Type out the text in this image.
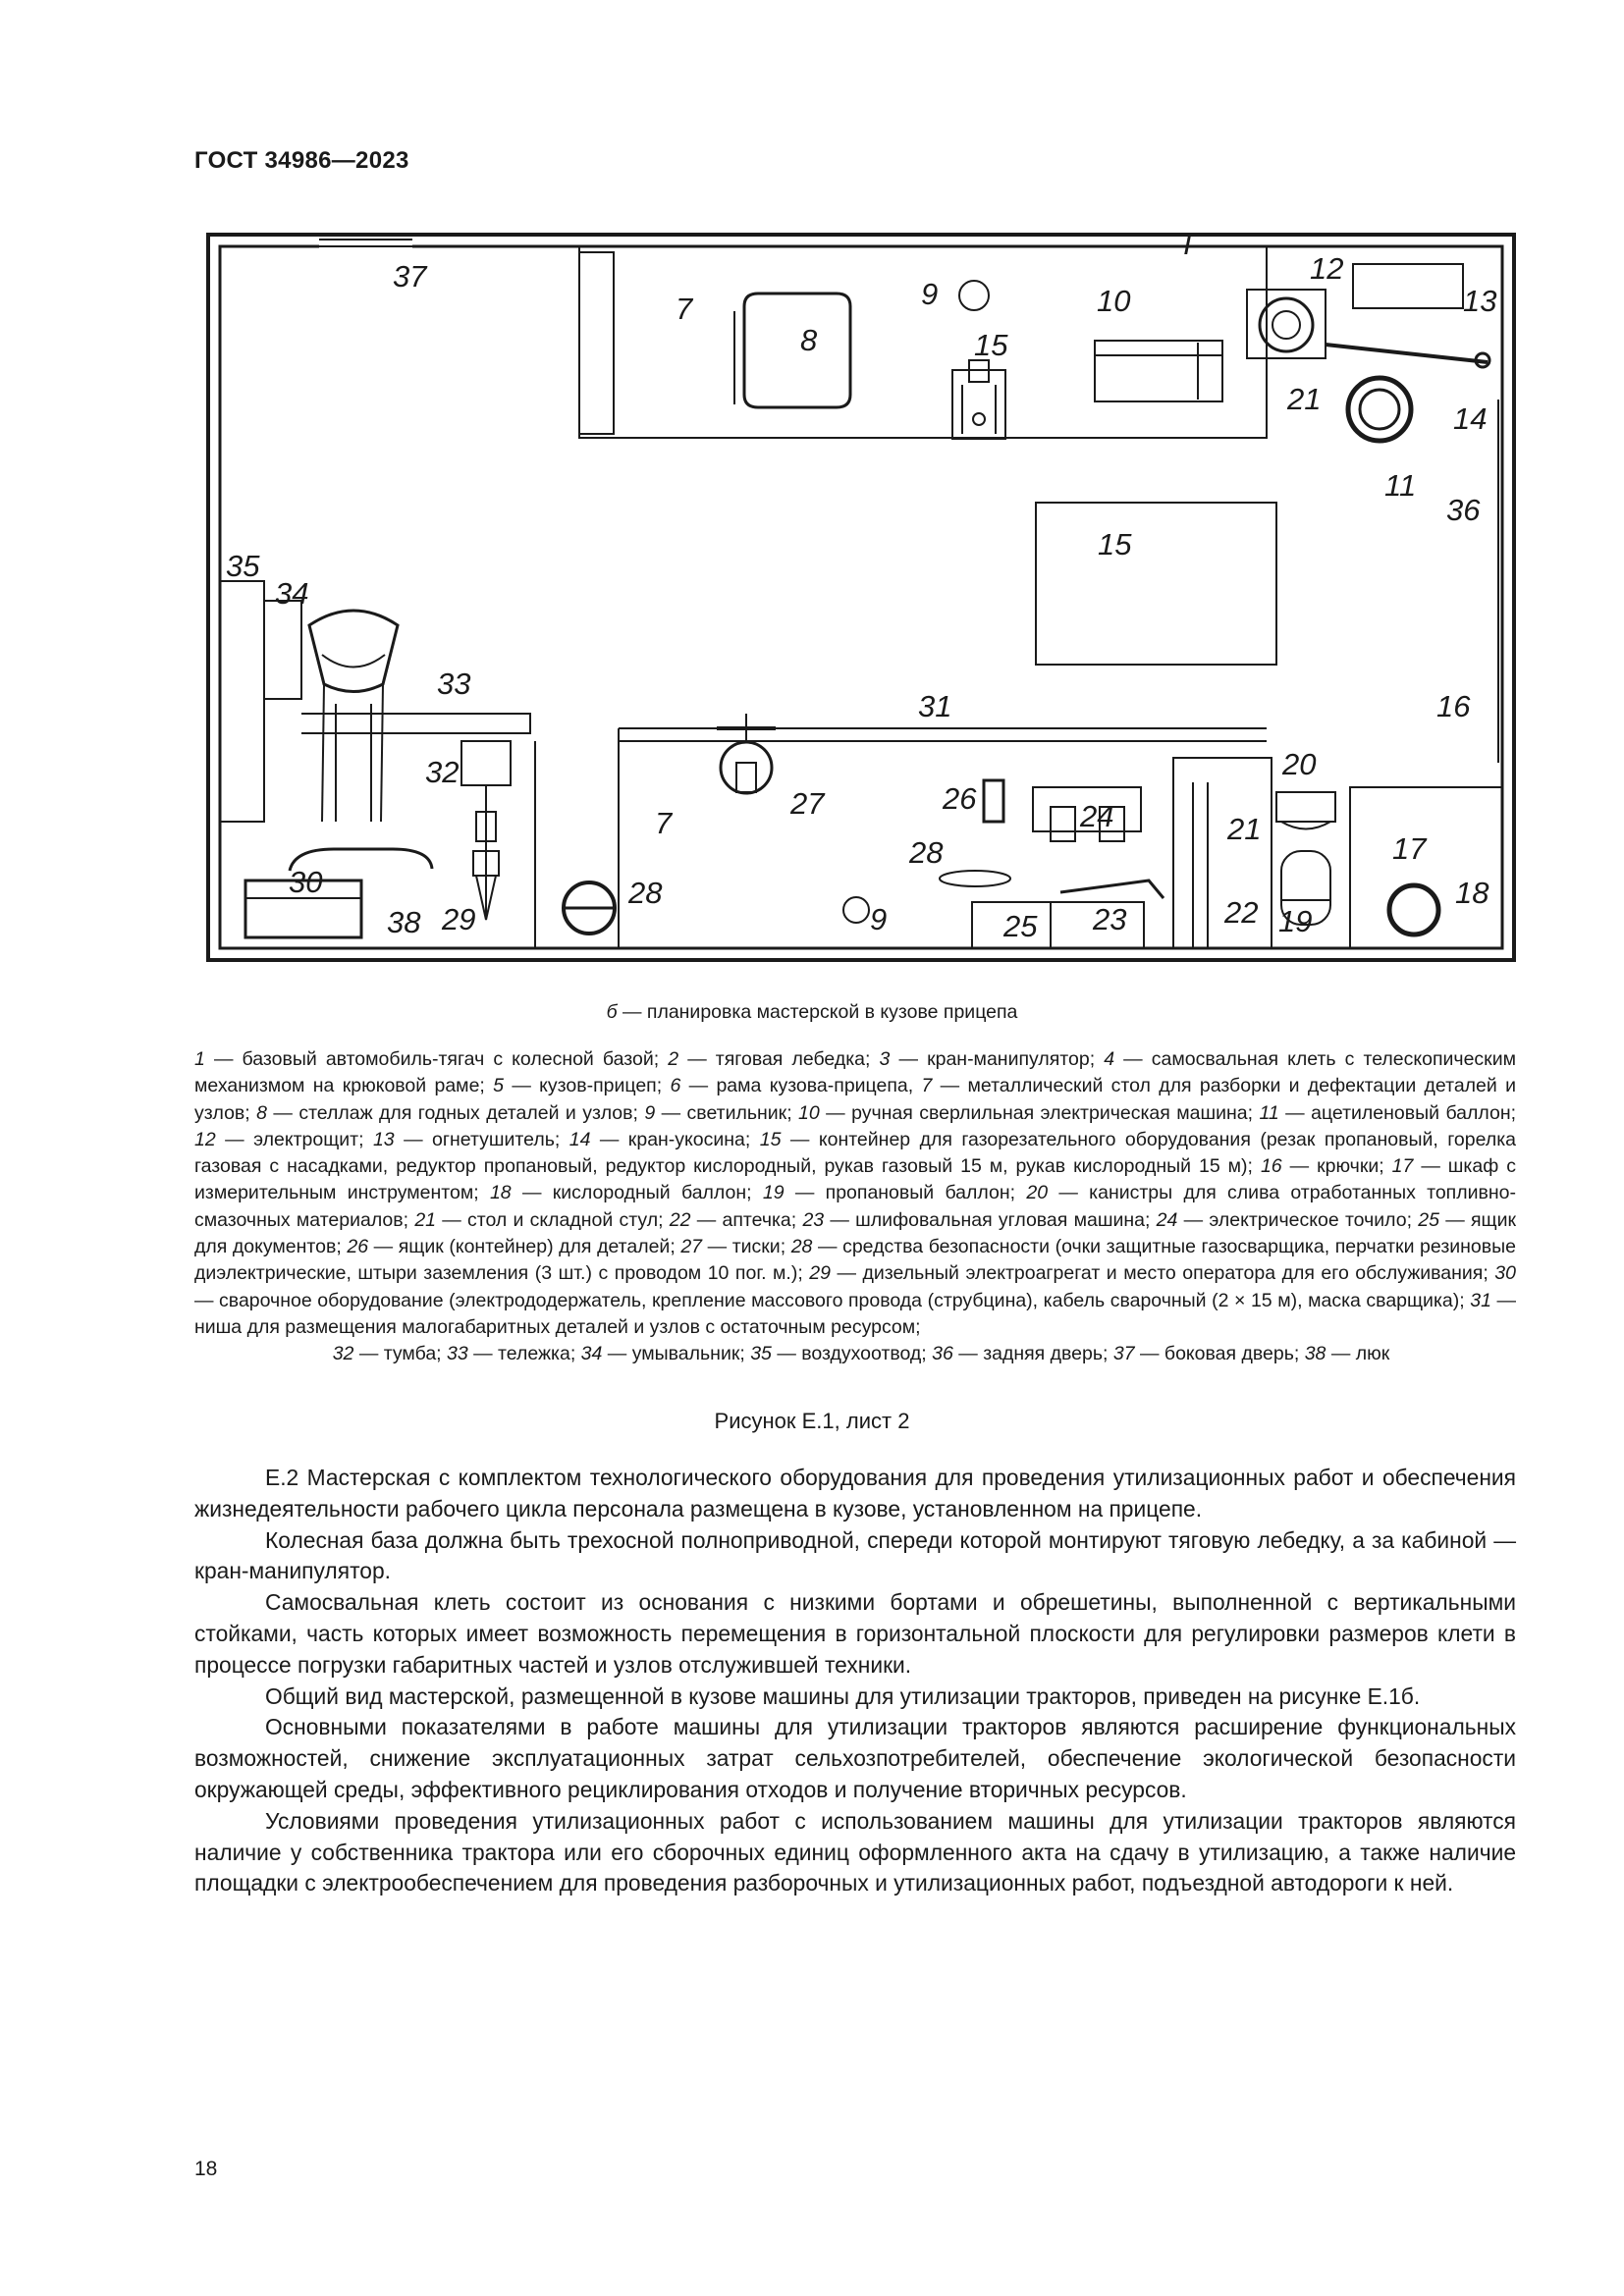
ГОСТ 34986—2023
37
7
8
9
15
10
12
13
21
14
11
36
15
35
34
33
31	16
32	20
27	26
7	24	21
17
28
30	28	18
38 29	9	25 23	22 19
I
б — планировка мастерской в кузове прицепа
1 — базовый автомобиль-тягач с колесной базой; 2 — тяговая лебедка; 3 — кран-манипулятор; 4 — самосвальная клеть с телескопическим механизмом на крюковой раме; 5 — кузов-прицеп; 6 — рама кузова-прицепа, 7 — металлический стол для разборки и дефектации деталей и узлов; 8 — стеллаж для годных деталей и узлов; 9 — светильник; 10 — ручная сверлильная электрическая машина; 11 — ацетиленовый баллон; 12 — электрощит; 13 — огнетушитель; 14 — кран-укосина; 15 — контейнер для газорезательного оборудования (резак пропановый, горелка газовая с насадками, редуктор пропановый, редуктор кислородный, рукав газовый 15 м, рукав кислородный 15 м); 16 — крючки; 17 — шкаф с измерительным инструментом; 18 — кислородный баллон; 19 — пропановый баллон; 20 — канистры для слива отработанных топливно-смазочных материалов; 21 — стол и складной стул; 22 — аптечка; 23 — шлифовальная угловая машина; 24 — электрическое точило; 25 — ящик для документов; 26 — ящик (контейнер) для деталей; 27 — тиски; 28 — средства безопасности (очки защитные газосварщика, перчатки резиновые диэлектрические, штыри заземления (3 шт.) с проводом 10 пог. м.); 29 — дизельный электроагрегат и место оператора для его обслуживания; 30 — сварочное оборудование (электрододержатель, крепление массового провода (струбцина), кабель сварочный (2 × 15 м), маска сварщика); 31 — ниша для размещения малогабаритных деталей и узлов с остаточным ресурсом;
32 — тумба; 33 — тележка; 34 — умывальник; 35 — воздухоотвод; 36 — задняя дверь; 37 — боковая дверь; 38 — люк
Рисунок Е.1, лист 2

Е.2 Мастерская с комплектом технологического оборудования для проведения утилизационных работ и обеспечения жизнедеятельности рабочего цикла персонала размещена в кузове, установленном на прицепе.

Колесная база должна быть трехосной полноприводной, спереди которой монтируют тяговую лебедку, а за кабиной — кран-манипулятор.

Самосвальная клеть состоит из основания с низкими бортами и обрешетины, выполненной с вертикальными стойками, часть которых имеет возможность перемещения в горизонтальной плоскости для регулировки размеров клети в процессе погрузки габаритных частей и узлов отслужившей техники.

Общий вид мастерской, размещенной в кузове машины для утилизации тракторов, приведен на рисунке Е.1б.

Основными показателями в работе машины для утилизации тракторов являются расширение функциональных возможностей, снижение эксплуатационных затрат сельхозпотребителей, обеспечение экологической безопасности окружающей среды, эффективного рециклирования отходов и получение вторичных ресурсов.

Условиями проведения утилизационных работ с использованием машины для утилизации тракторов являются наличие у собственника трактора или его сборочных единиц оформленного акта на сдачу в утилизацию, а также наличие площадки с электрообеспечением для проведения разборочных и утилизационных работ, подъездной автодороги к ней.

18
